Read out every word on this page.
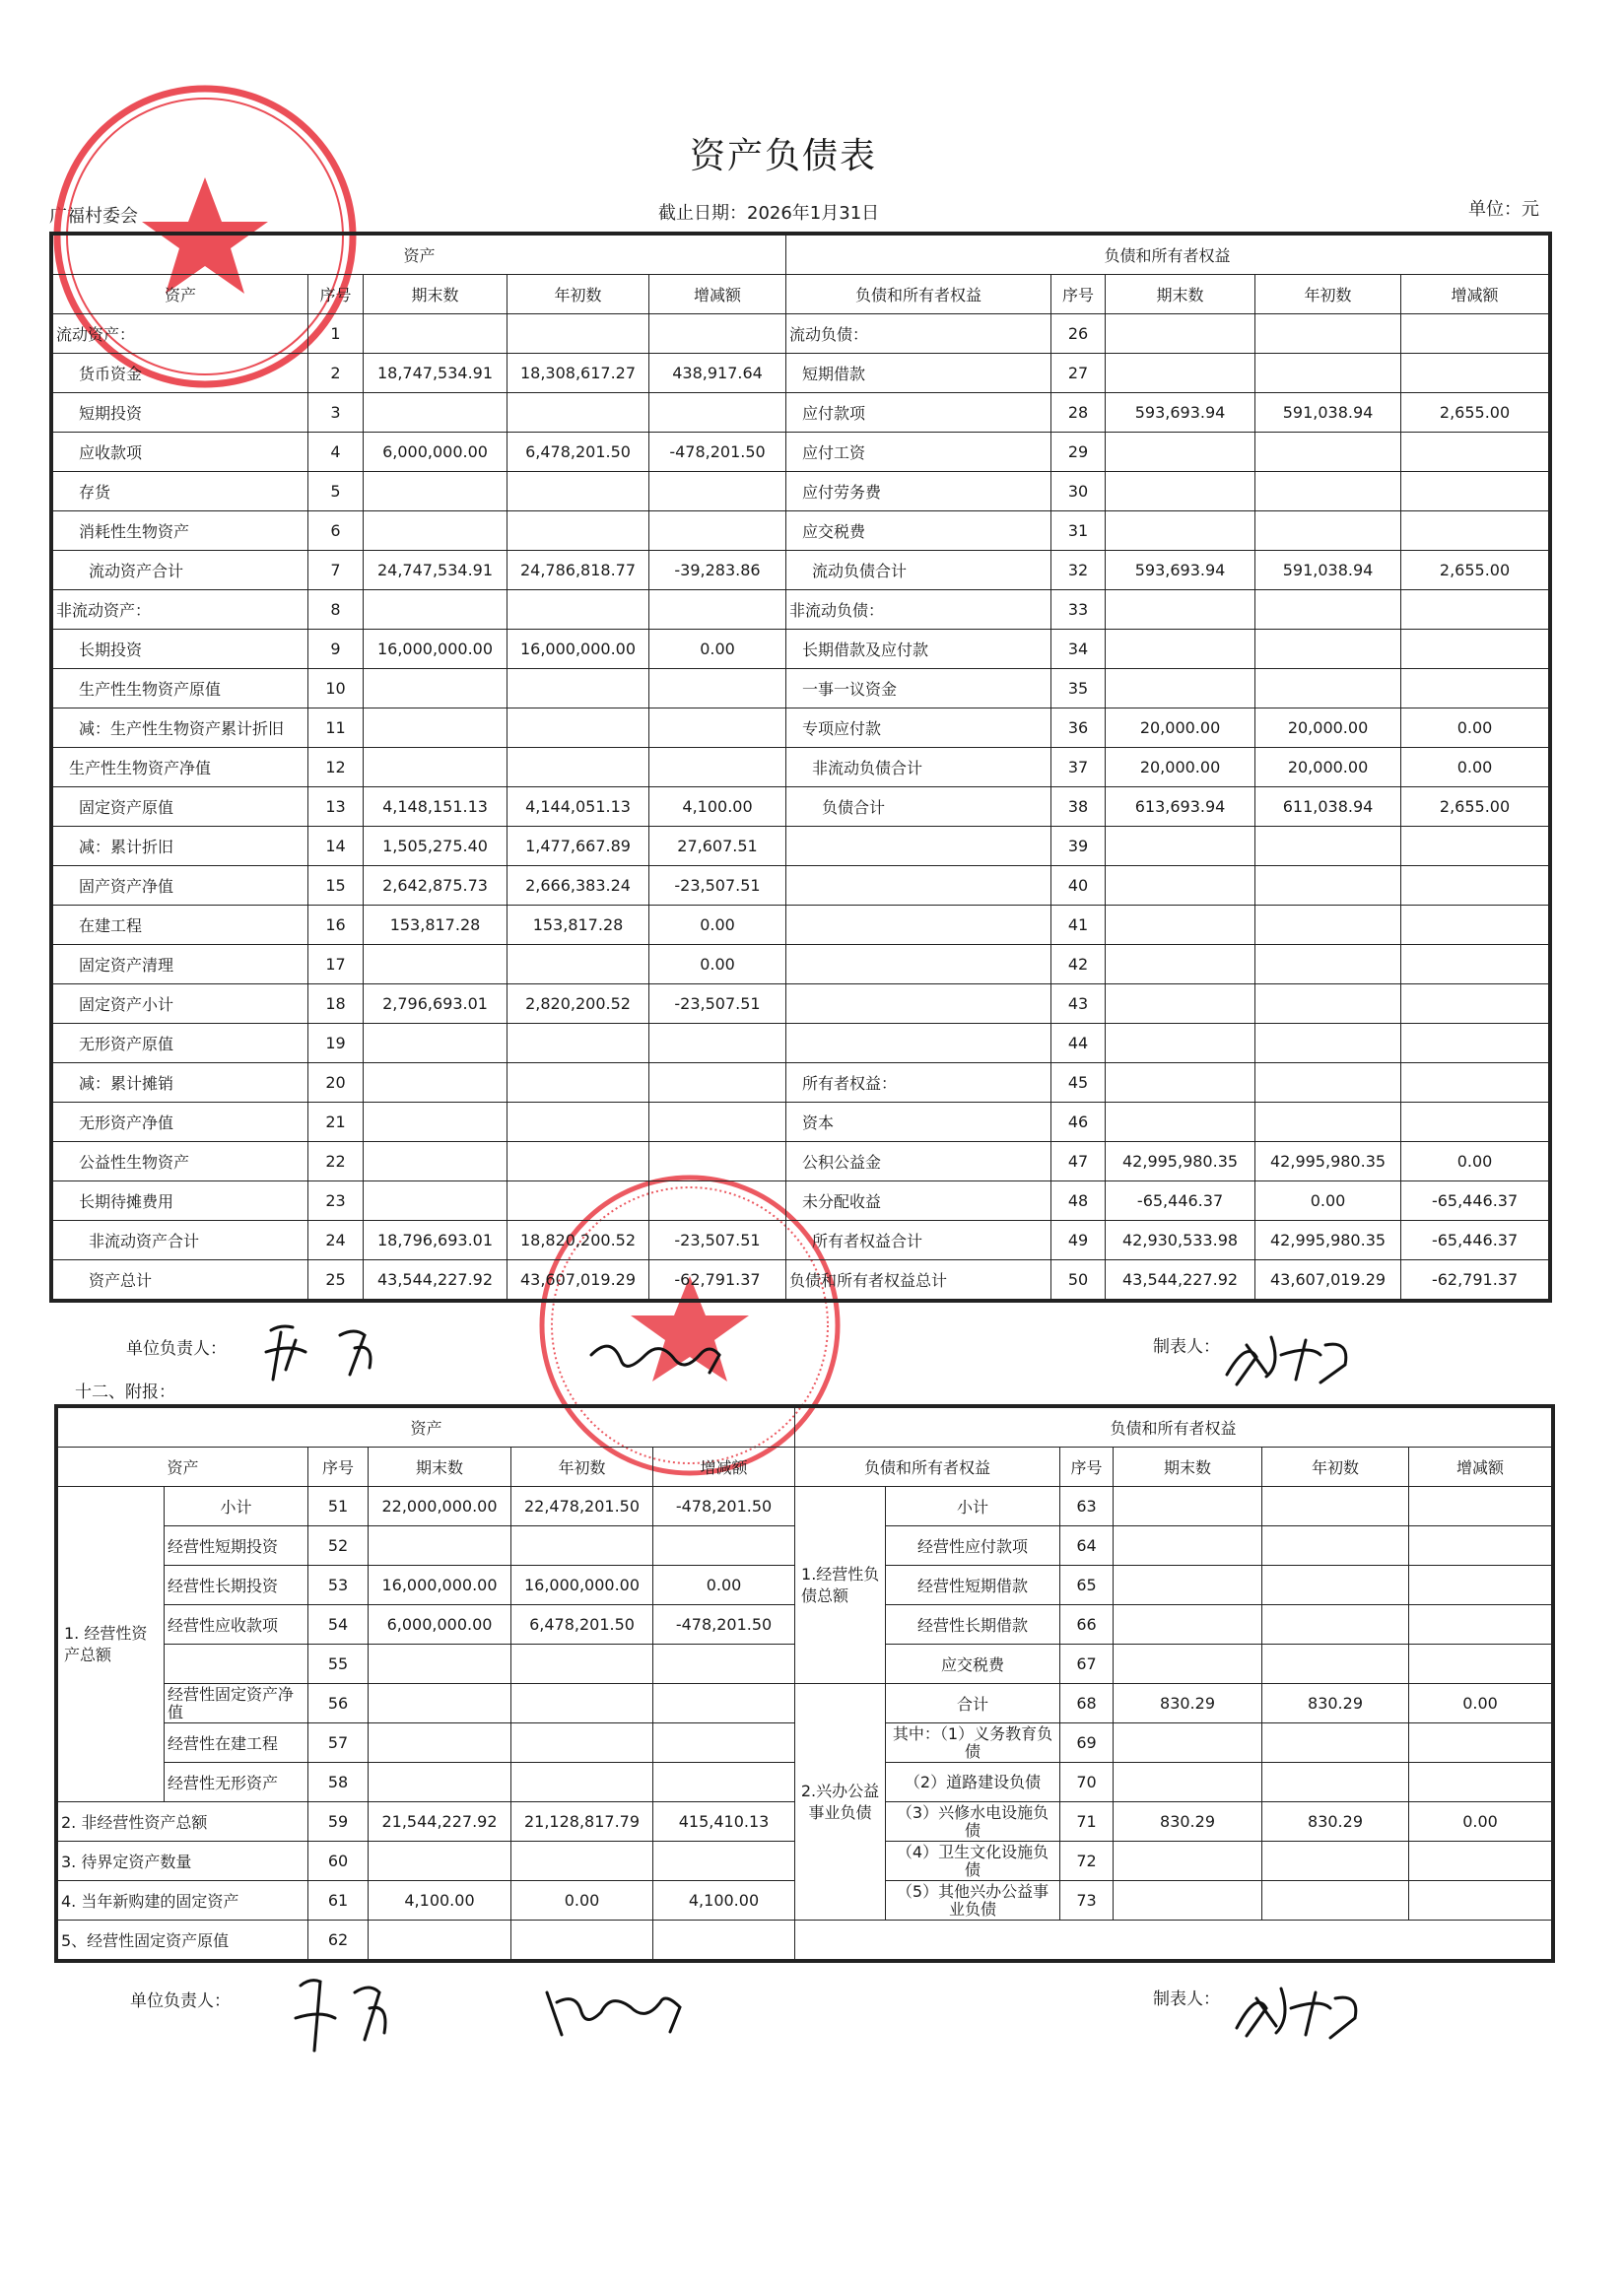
资产负债表
广福村委会	截止日期：2026年1月31日	单位：元
资产					负债和所有者权益				
资产	序号	期末数	年初数	增减额	负债和所有者权益	序号	期末数	年初数	增减额
流动资产：	1				流动负债：	26			
货币资金	2	18,747,534.91	18,308,617.27	438,917.64	短期借款	27			
短期投资	3				应付款项	28	593,693.94	591,038.94	2,655.00
应收款项	4	6,000,000.00	6,478,201.50	-478,201.50	应付工资	29			
存货	5				应付劳务费	30			
消耗性生物资产	6				应交税费	31			
流动资产合计	7	24,747,534.91	24,786,818.77	-39,283.86	流动负债合计	32	593,693.94	591,038.94	2,655.00
非流动资产：	8				非流动负债：	33			
长期投资	9	16,000,000.00	16,000,000.00	0.00	长期借款及应付款	34			
生产性生物资产原值	10				一事一议资金	35			
减：生产性生物资产累计折旧	11				专项应付款	36	20,000.00	20,000.00	0.00
生产性生物资产净值	12				非流动负债合计	37	20,000.00	20,000.00	0.00
固定资产原值	13	4,148,151.13	4,144,051.13	4,100.00	负债合计	38	613,693.94	611,038.94	2,655.00
减：累计折旧	14	1,505,275.40	1,477,667.89	27,607.51		39			
固产资产净值	15	2,642,875.73	2,666,383.24	-23,507.51		40			
在建工程	16	153,817.28	153,817.28	0.00		41			
固定资产清理	17			0.00		42			
固定资产小计	18	2,796,693.01	2,820,200.52	-23,507.51		43			
无形资产原值	19					44			
减：累计摊销	20				所有者权益：	45			
无形资产净值	21				资本	46			
公益性生物资产	22				公积公益金	47	42,995,980.35	42,995,980.35	0.00
长期待摊费用	23				未分配收益	48	-65,446.37	0.00	-65,446.37
非流动资产合计	24	18,796,693.01	18,820,200.52	-23,507.51	所有者权益合计	49	42,930,533.98	42,995,980.35	-65,446.37
资产总计	25	43,544,227.92	43,607,019.29	-62,791.37	负债和所有者权益总计	50	43,544,227.92	43,607,019.29	-62,791.37
单位负责人：	制表人：
十二、附报：
资产						负债和所有者权益					
资产		序号	期末数	年初数	增减额	负债和所有者权益		序号	期末数	年初数	增减额
1. 经营性资产总额	小计	51	22,000,000.00	22,478,201.50	-478,201.50	1.经营性负债总额	小计	63			
	经营性短期投资	52					经营性应付款项	64			
	经营性长期投资	53	16,000,000.00	16,000,000.00	0.00		经营性短期借款	65			
	经营性应收款项	54	6,000,000.00	6,478,201.50	-478,201.50		经营性长期借款	66			
		55					应交税费	67			
	经营性固定资产净值	56				2.兴办公益事业负债	合计	68	830.29	830.29	0.00
	经营性在建工程	57					其中：（1）义务教育负债	69			
	经营性无形资产	58					（2）道路建设负债	70			
2. 非经营性资产总额		59	21,544,227.92	21,128,817.79	415,410.13		（3）兴修水电设施负债	71	830.29	830.29	0.00
3. 待界定资产数量		60					（4）卫生文化设施负债	72			
4. 当年新购建的固定资产		61	4,100.00	0.00	4,100.00		（5）其他兴办公益事业负债	73			
5、经营性固定资产原值		62									
单位负责人：	制表人：
